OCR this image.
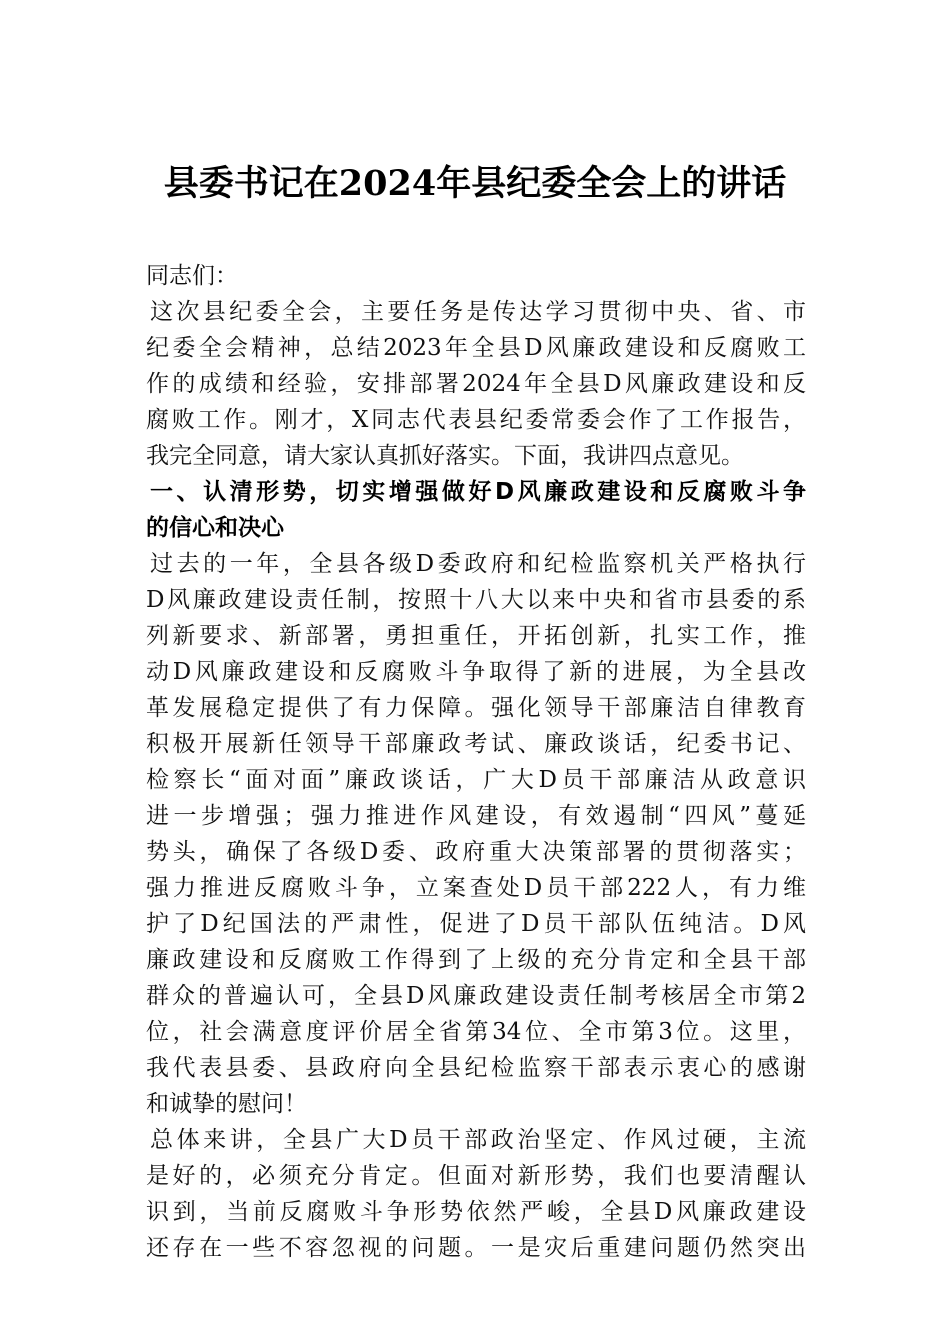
县委书记在2024年县纪委全会上的讲话
同志们：
这次县纪委全会，主要任务是传达学习贯彻中央、省、市
纪委全会精神，总结2023年全县D风廉政建设和反腐败工
作的成绩和经验，安排部署2024年全县D风廉政建设和反
腐败工作。刚才，X同志代表县纪委常委会作了工作报告，
我完全同意，请大家认真抓好落实。下面，我讲四点意见。
一、认清形势，切实增强做好D风廉政建设和反腐败斗争
的信心和决心
过去的一年，全县各级D委政府和纪检监察机关严格执行
D风廉政建设责任制，按照十八大以来中央和省市县委的系
列新要求、新部署，勇担重任，开拓创新，扎实工作，推
动D风廉政建设和反腐败斗争取得了新的进展，为全县改
革发展稳定提供了有力保障。强化领导干部廉洁自律教育
积极开展新任领导干部廉政考试、廉政谈话，纪委书记、
检察长“面对面”廉政谈话，广大D员干部廉洁从政意识
进一步增强；强力推进作风建设，有效遏制“四风”蔓延
势头，确保了各级D委、政府重大决策部署的贯彻落实；
强力推进反腐败斗争，立案查处D员干部222人，有力维
护了D纪国法的严肃性，促进了D员干部队伍纯洁。D风
廉政建设和反腐败工作得到了上级的充分肯定和全县干部
群众的普遍认可，全县D风廉政建设责任制考核居全市第2
位，社会满意度评价居全省第34位、全市第3位。这里，
我代表县委、县政府向全县纪检监察干部表示衷心的感谢
和诚挚的慰问！
总体来讲，全县广大D员干部政治坚定、作风过硬，主流
是好的，必须充分肯定。但面对新形势，我们也要清醒认
识到，当前反腐败斗争形势依然严峻，全县D风廉政建设
还存在一些不容忽视的问题。一是灾后重建问题仍然突出
